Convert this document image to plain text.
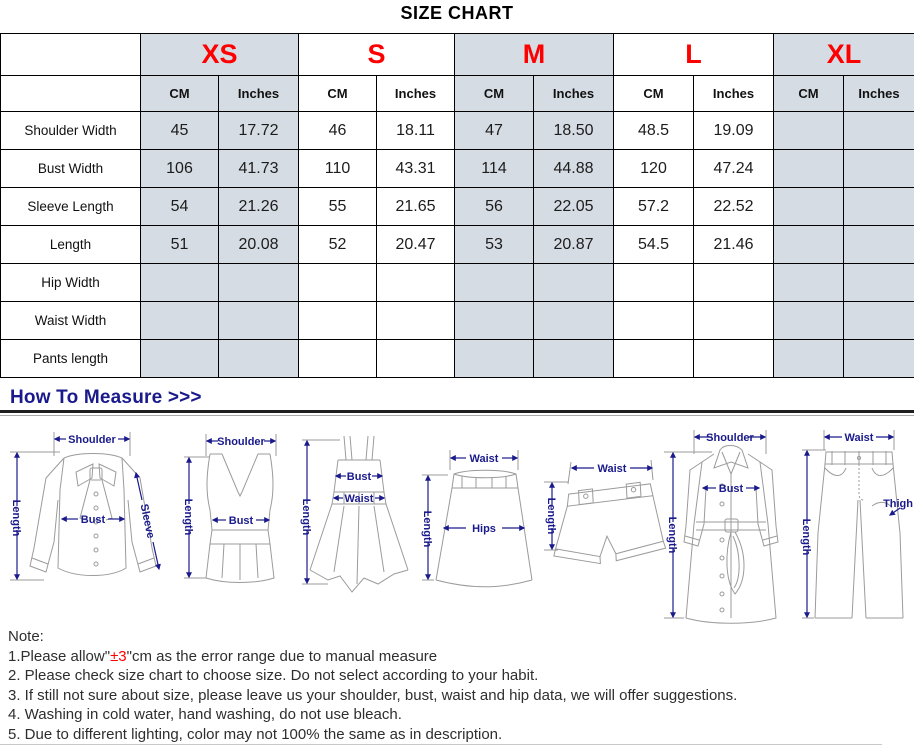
SIZE CHART
	XS		S		M		L		XL	
	CM	Inches	CM	Inches	CM	Inches	CM	Inches	CM	Inches
Shoulder Width	45	17.72	46	18.11	47	18.50	48.5	19.09		
Bust Width	106	41.73	110	43.31	114	44.88	120	47.24		
Sleeve Length	54	21.26	55	21.65	56	22.05	57.2	22.52		
Length	51	20.08	52	20.47	53	20.87	54.5	21.46		
Hip Width										
Waist Width										
Pants length										
How To Measure >>>
Shoulder
Length	Bust	Sleeve
Shoulder
Length	Bust
Bust
Waist
Length
Waist
Hips
Length
Waist
Length
Shoulder
Bust
Length
Waist
Thigh
Length
Note:
1.Please allow"±3"cm as the error range due to manual measure
2. Please check size chart to choose size. Do not select according to your habit.
3. If still not sure about size, please leave us your shoulder, bust, waist and hip data, we will offer suggestions.
4. Washing in cold water, hand washing, do not use bleach.
5. Due to different lighting, color may not 100% the same as in description.
